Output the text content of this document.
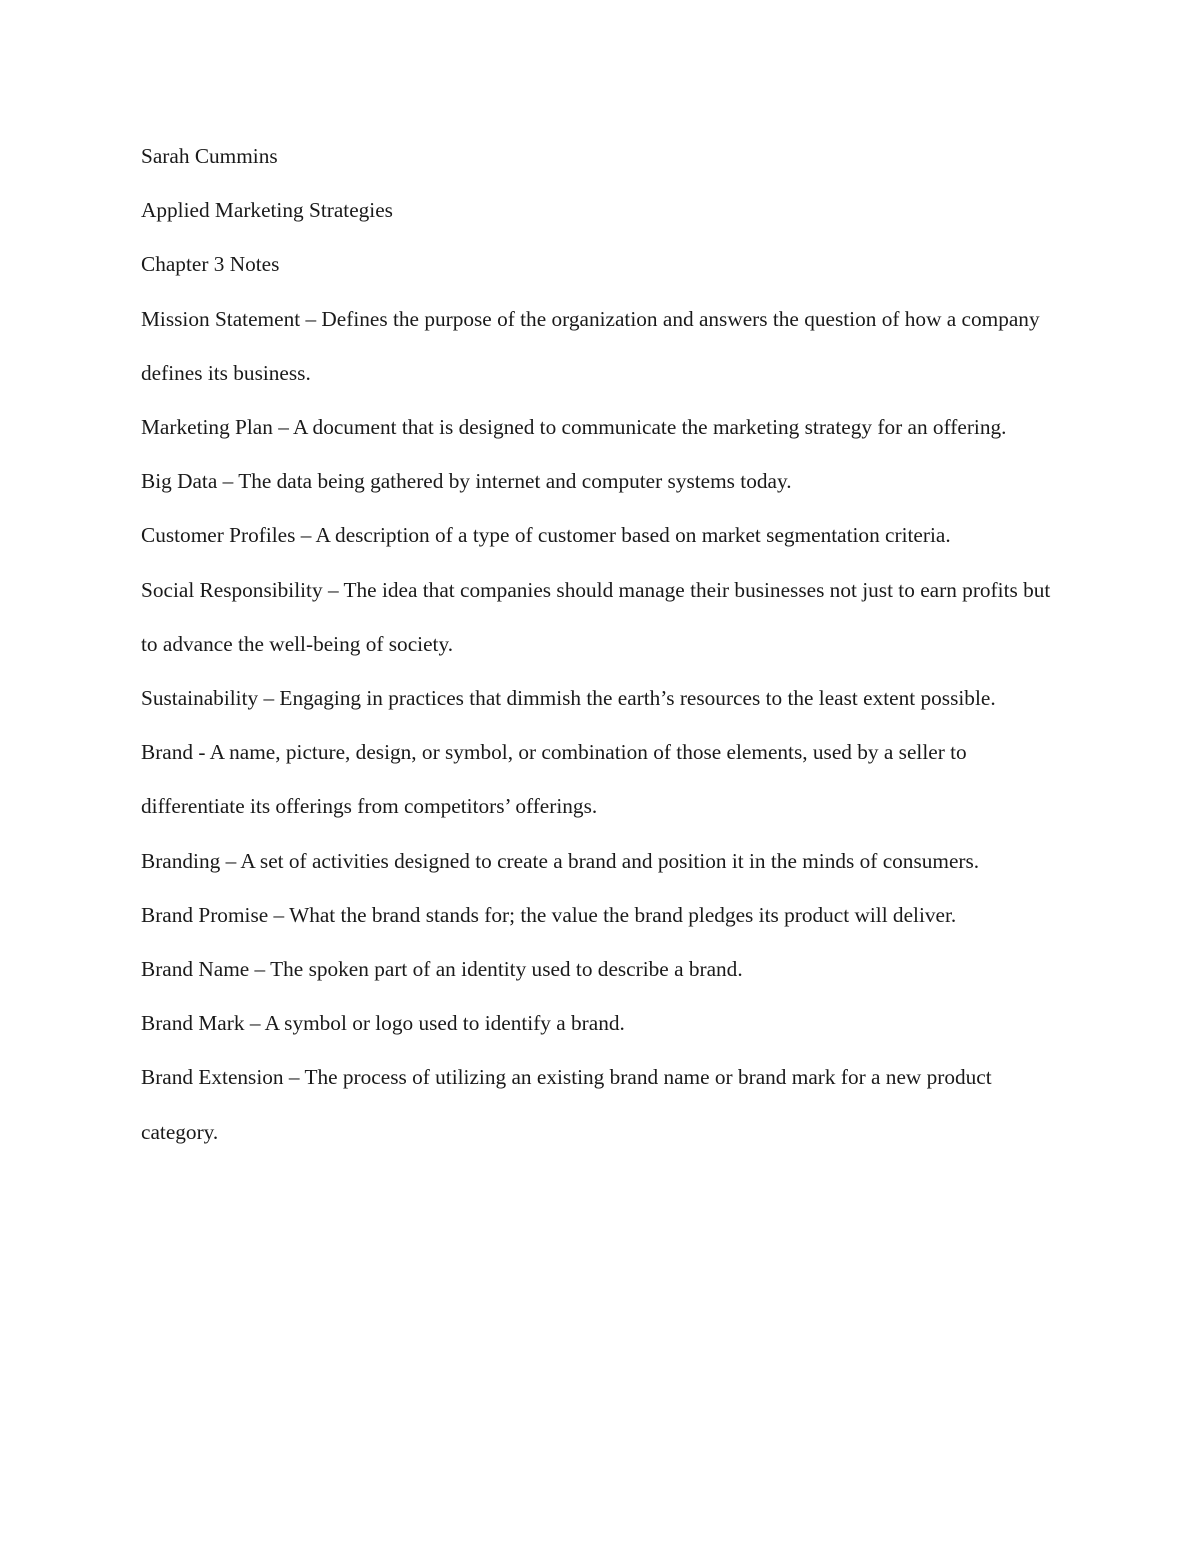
Sarah Cummins

Applied Marketing Strategies

Chapter 3 Notes

Mission Statement – Defines the purpose of the organization and answers the question of how a company defines its business.

Marketing Plan – A document that is designed to communicate the marketing strategy for an offering.

Big Data – The data being gathered by internet and computer systems today.

Customer Profiles – A description of a type of customer based on market segmentation criteria.

Social Responsibility – The idea that companies should manage their businesses not just to earn profits but to advance the well-being of society.

Sustainability – Engaging in practices that dimmish the earth’s resources to the least extent possible.

Brand - A name, picture, design, or symbol, or combination of those elements, used by a seller to differentiate its offerings from competitors’ offerings.

Branding – A set of activities designed to create a brand and position it in the minds of consumers.

Brand Promise – What the brand stands for; the value the brand pledges its product will deliver.

Brand Name – The spoken part of an identity used to describe a brand.

Brand Mark – A symbol or logo used to identify a brand.

Brand Extension – The process of utilizing an existing brand name or brand mark for a new product category.
